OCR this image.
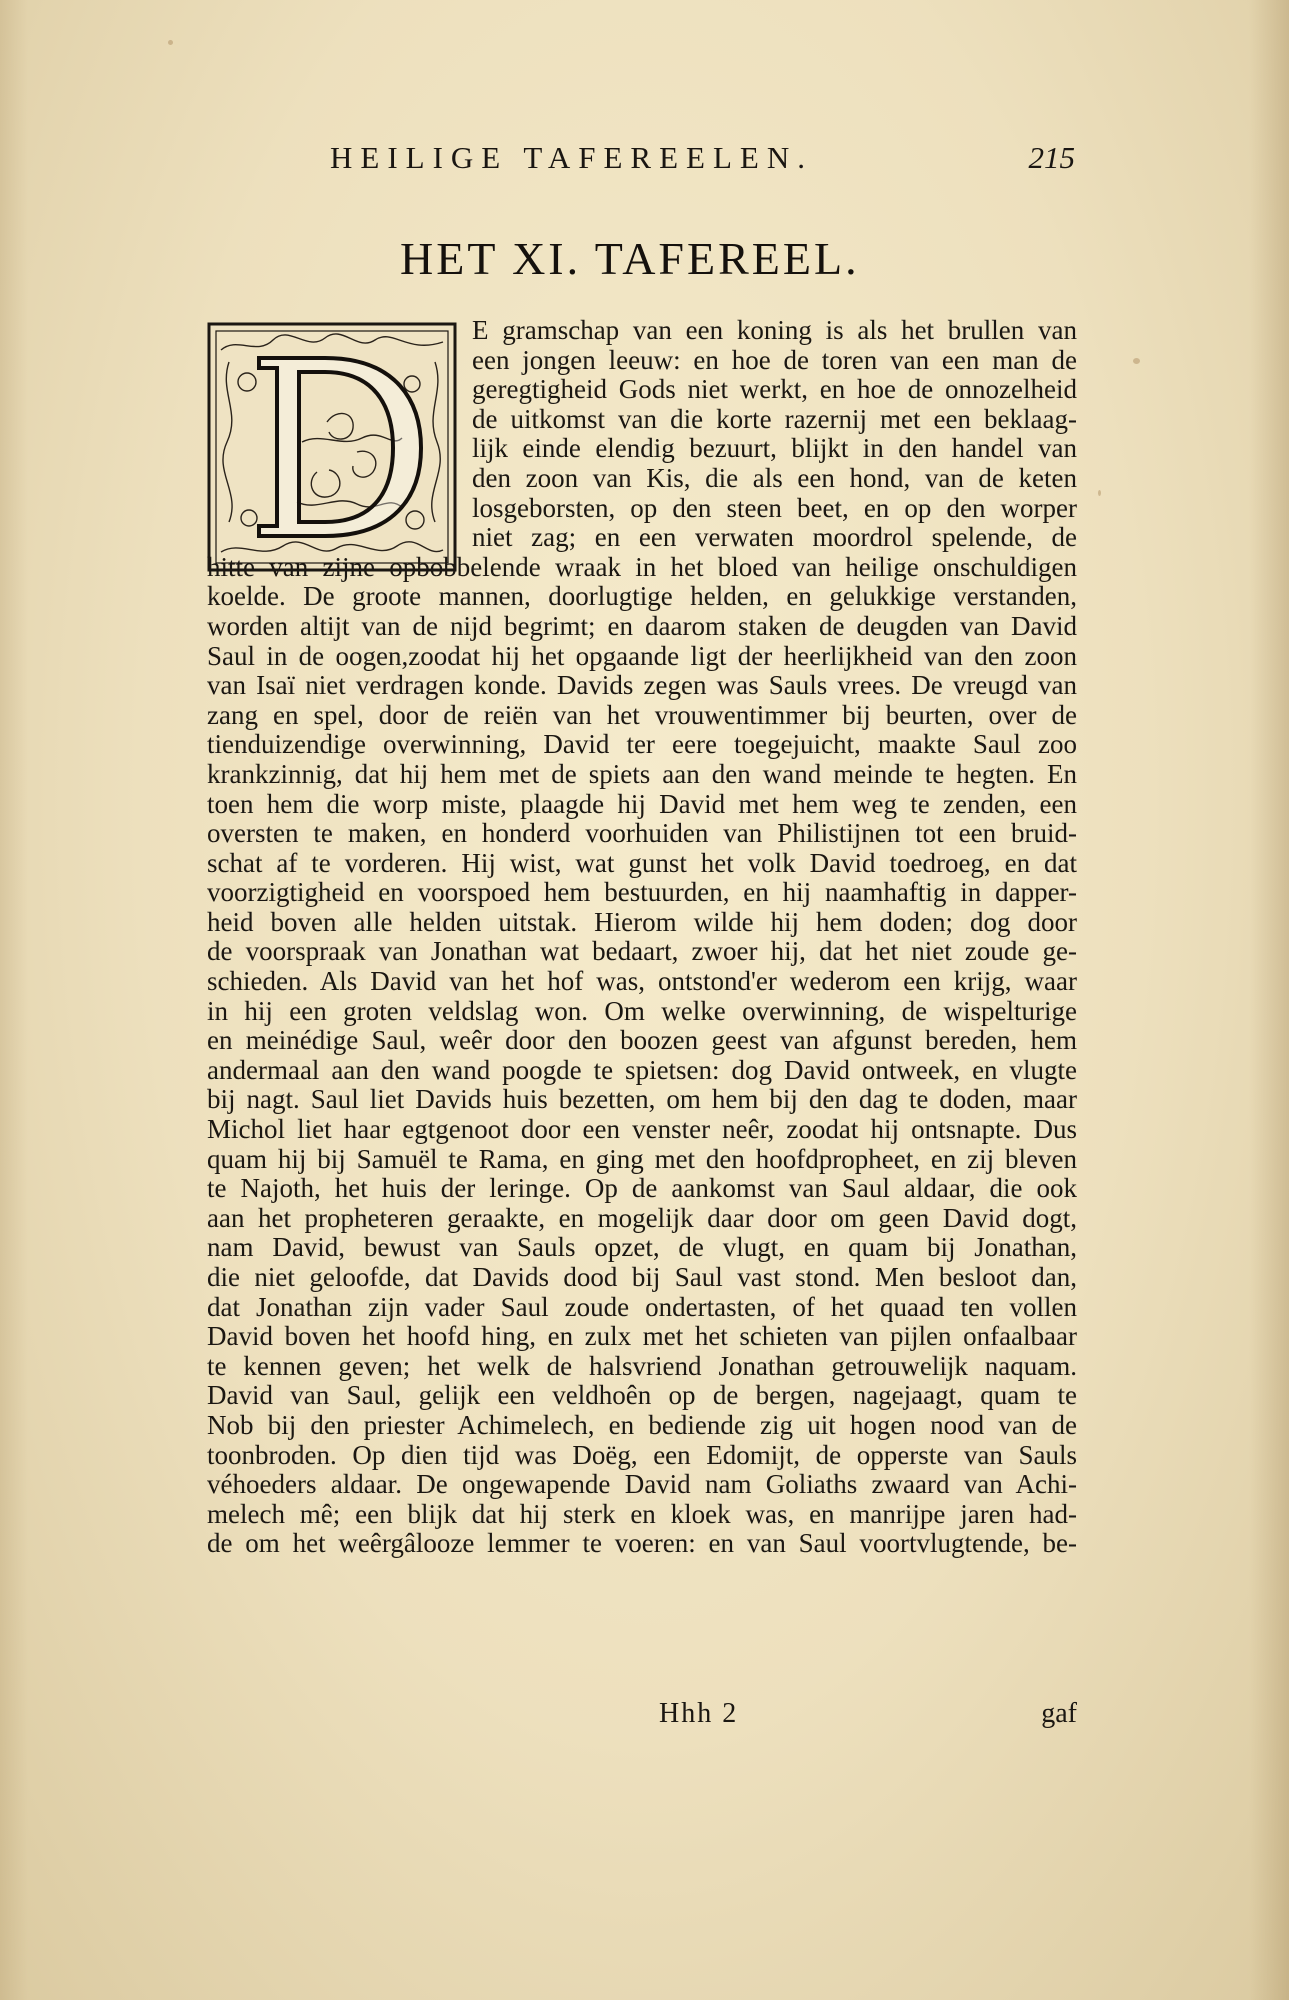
HEILIGE TAFEREELEN.	215
HET XI. TAFEREEL.
E gramschap van een koning is als het brullen van
een jongen leeuw: en hoe de toren van een man de
geregtigheid Gods niet werkt, en hoe de onnozelheid
de uitkomst van die korte razernij met een beklaag-
lijk einde elendig bezuurt, blijkt in den handel van
den zoon van Kis, die als een hond, van de keten
losgeborsten, op den steen beet, en op den worper
niet zag; en een verwaten moordrol spelende, de
hitte van zijne opbobbelende wraak in het bloed van heilige onschuldigen
koelde. De groote mannen, doorlugtige helden, en gelukkige verstanden,
worden altijt van de nijd begrimt; en daarom staken de deugden van David
Saul in de oogen,zoodat hij het opgaande ligt der heerlijkheid van den zoon
van Isaï niet verdragen konde. Davids zegen was Sauls vrees. De vreugd van
zang en spel, door de reiën van het vrouwentimmer bij beurten, over de
tienduizendige overwinning, David ter eere toegejuicht, maakte Saul zoo
krankzinnig, dat hij hem met de spiets aan den wand meinde te hegten. En
toen hem die worp miste, plaagde hij David met hem weg te zenden, een
oversten te maken, en honderd voorhuiden van Philistijnen tot een bruid-
schat af te vorderen. Hij wist, wat gunst het volk David toedroeg, en dat
voorzigtigheid en voorspoed hem bestuurden, en hij naamhaftig in dapper-
heid boven alle helden uitstak. Hierom wilde hij hem doden; dog door
de voorspraak van Jonathan wat bedaart, zwoer hij, dat het niet zoude ge-
schieden. Als David van het hof was, ontstond'er wederom een krijg, waar
in hij een groten veldslag won. Om welke overwinning, de wispelturige
en meinédige Saul, weêr door den boozen geest van afgunst bereden, hem
andermaal aan den wand poogde te spietsen: dog David ontweek, en vlugte
bij nagt. Saul liet Davids huis bezetten, om hem bij den dag te doden, maar
Michol liet haar egtgenoot door een venster neêr, zoodat hij ontsnapte. Dus
quam hij bij Samuël te Rama, en ging met den hoofdpropheet, en zij bleven
te Najoth, het huis der leringe. Op de aankomst van Saul aldaar, die ook
aan het propheteren geraakte, en mogelijk daar door om geen David dogt,
nam David, bewust van Sauls opzet, de vlugt, en quam bij Jonathan,
die niet geloofde, dat Davids dood bij Saul vast stond. Men besloot dan,
dat Jonathan zijn vader Saul zoude ondertasten, of het quaad ten vollen
David boven het hoofd hing, en zulx met het schieten van pijlen onfaalbaar
te kennen geven; het welk de halsvriend Jonathan getrouwelijk naquam.
David van Saul, gelijk een veldhoên op de bergen, nagejaagt, quam te
Nob bij den priester Achimelech, en bediende zig uit hogen nood van de
toonbroden. Op dien tijd was Doëg, een Edomijt, de opperste van Sauls
véhoeders aldaar. De ongewapende David nam Goliaths zwaard van Achi-
melech mê; een blijk dat hij sterk en kloek was, en manrijpe jaren had-
de om het weêrgâlooze lemmer te voeren: en van Saul voortvlugtende, be-
Hhh 2	gaf
